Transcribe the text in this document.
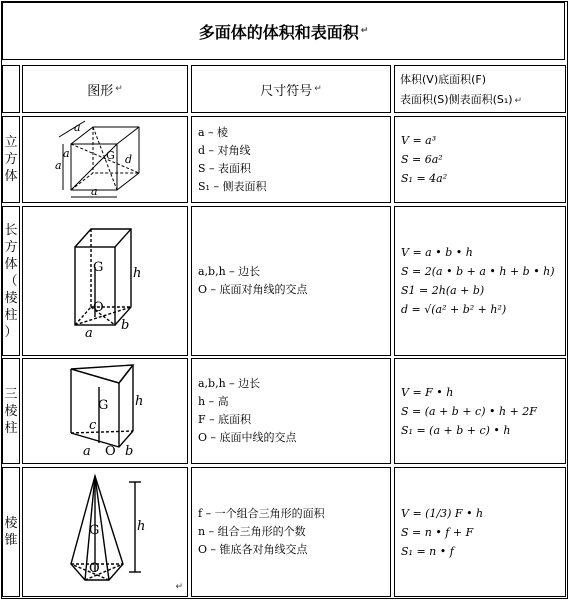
多面体的体积和表面积 ↵
图形 ↵	尺寸符号 ↵
体积(V)底面积(F)
表面积(S)侧表面积(S₁) ↵
立
方
体
a
a
a
a
G d
a – 棱
d – 对角线
S – 表面积
S₁ – 侧表面积
V = a³
S = 6a²
S₁ = 4a²
长
方
体
（
棱
柱
）
G h
O
a
b
a,b,h – 边长
O – 底面对角线的交点
V = a • b • h
S = 2(a • b + a • h + b • h)
S1 = 2h(a + b)
d = √(a² + b² + h²)
三
棱
柱
G h
c
a O b
a,b,h – 边长
h – 高
F – 底面积
O – 底面中线的交点
V = F • h
S = (a + b + c) • h + 2F
S₁ = (a + b + c) • h
棱
锥
G	h
O
↵
f – 一个组合三角形的面积
n – 组合三角形的个数
O – 锥底各对角线交点
V = (1/3) F • h
S = n • f + F
S₁ = n • f
